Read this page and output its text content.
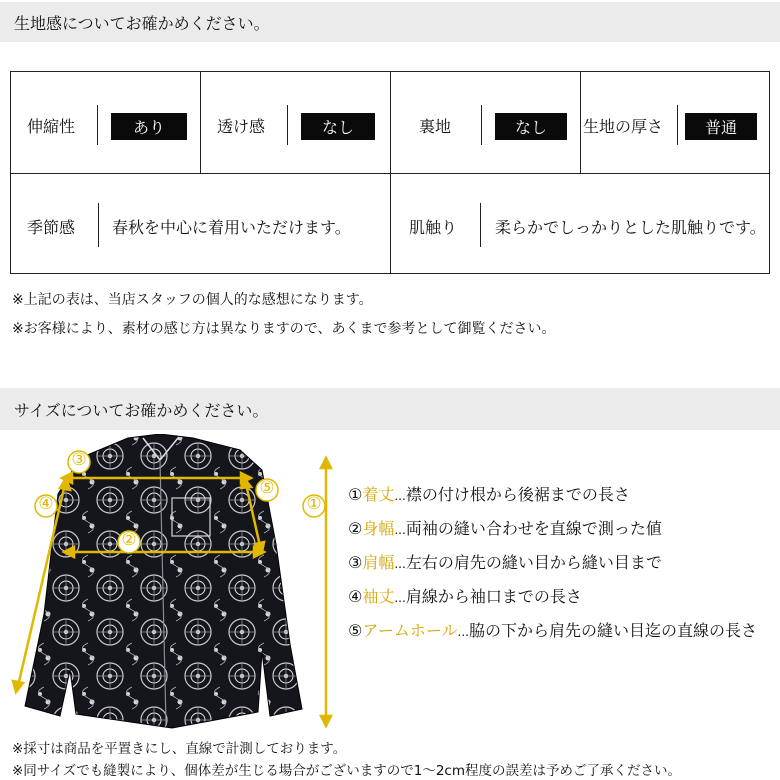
生地感についてお確かめください。
伸縮性	あり	透け感	なし	裏地	なし	生地の厚さ	普通
季節感 春秋を中心に着用いただけます。	肌触り 柔らかでしっかりとした肌触りです。
※上記の表は、当店スタッフの個人的な感想になります。
※お客様により、素材の感じ方は異なりますので、あくまで参考として御覧ください。
サイズについてお確かめください。
③
④
②
⑤
① ①着丈...襟の付け根から後裾までの長さ
②身幅...両袖の縫い合わせを直線で測った値
③肩幅...左右の肩先の縫い目から縫い目まで
④袖丈...肩線から袖口までの長さ
⑤アームホール...脇の下から肩先の縫い目迄の直線の長さ
※採寸は商品を平置きにし、直線で計測しております。
※同サイズでも縫製により、個体差が生じる場合がございますので1～2cm程度の誤差は予めご了承ください。
